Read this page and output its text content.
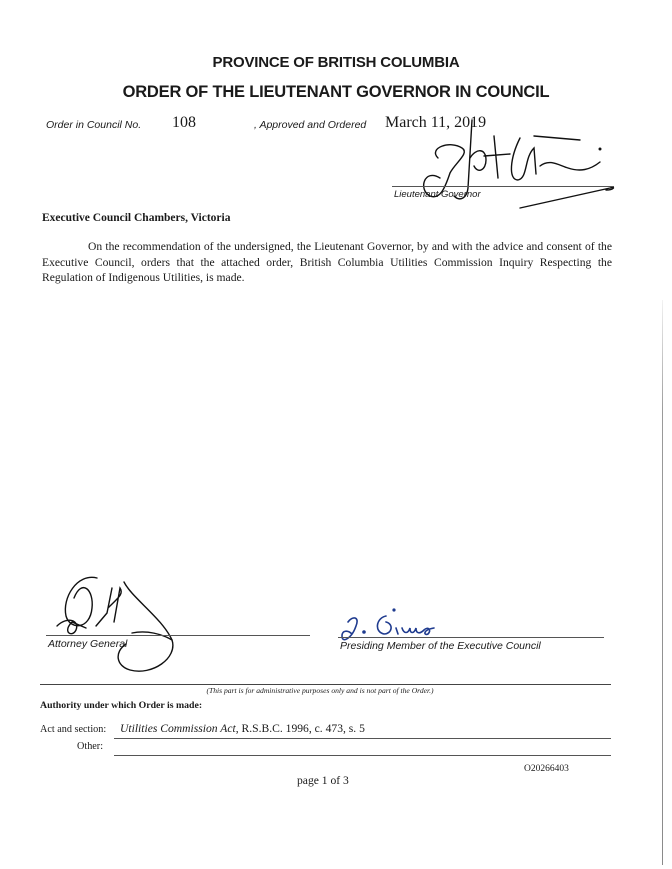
PROVINCE OF BRITISH COLUMBIA
ORDER OF THE LIEUTENANT GOVERNOR IN COUNCIL
Order in Council No. 108	, Approved and Ordered March 11, 2019
Lieutenant Governor
Executive Council Chambers, Victoria
On the recommendation of the undersigned, the Lieutenant Governor, by and with the advice and consent of the Executive Council, orders that the attached order, British Columbia Utilities Commission Inquiry Respecting the Regulation of Indigenous Utilities, is made.
Attorney General	Presiding Member of the Executive Council
(This part is for administrative purposes only and is not part of the Order.)
Authority under which Order is made:
Act and section: Utilities Commission Act, R.S.B.C. 1996, c. 473, s. 5
Other:
O20266403
page 1 of 3
